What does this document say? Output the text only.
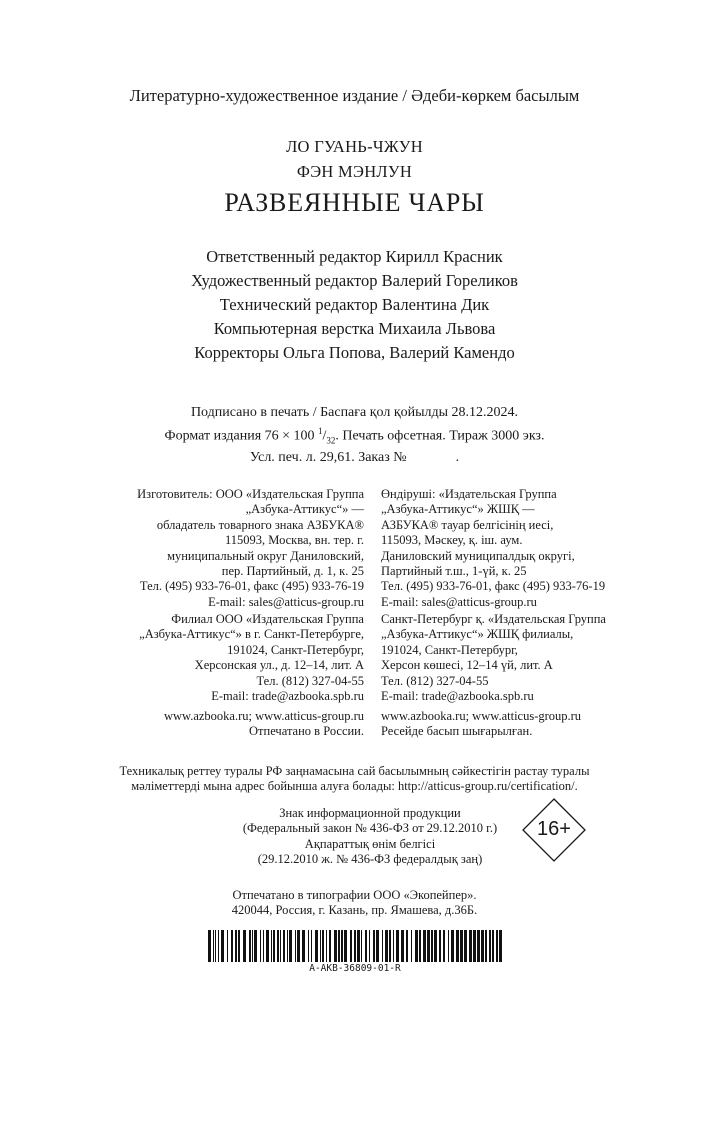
Литературно-художественное издание / Әдеби-көркем басылым
ЛО ГУАНЬ-ЧЖУН
ФЭН МЭНЛУН
РАЗВЕЯННЫЕ ЧАРЫ
Ответственный редактор Кирилл Красник
Художественный редактор Валерий Гореликов
Технический редактор Валентина Дик
Компьютерная верстка Михаила Львова
Корректоры Ольга Попова, Валерий Камендо
Подписано в печать / Баспаға қол қойылды 28.12.2024.
Формат издания 76 × 100 $^1/_{32}$. Печать офсетная. Тираж 3000 экз.
Усл. печ. л. 29,61. Заказ №              .
Изготовитель: ООО «Издательская Группа
„Азбука-Аттикус“» —
обладатель товарного знака АЗБУКА®
115093, Москва, вн. тер. г.
муниципальный округ Даниловский,
пер. Партийный, д. 1, к. 25
Тел. (495) 933-76-01, факс (495) 933-76-19
E-mail: sales@atticus-group.ru
Өндіруші: «Издательская Группа
„Азбука-Аттикус“» ЖШҚ —
АЗБУКА® тауар белгісінің иесі,
115093, Мәскеу, қ. іш. аум.
Даниловский муниципалдық округі,
Партийный т.ш., 1-үй, к. 25
Тел. (495) 933-76-01, факс (495) 933-76-19
E-mail: sales@atticus-group.ru
Филиал ООО «Издательская Группа
„Азбука-Аттикус“» в г. Санкт-Петербурге,
191024, Санкт-Петербург,
Херсонская ул., д. 12–14, лит. А
Тел. (812) 327-04-55
E-mail: trade@azbooka.spb.ru
Санкт-Петербург қ. «Издательская Группа
„Азбука-Аттикус“» ЖШҚ филиалы,
191024, Санкт-Петербург,
Херсон көшесі, 12–14 үй, лит. А
Тел. (812) 327-04-55
E-mail: trade@azbooka.spb.ru
www.azbooka.ru; www.atticus-group.ru
Отпечатано в России.
www.azbooka.ru; www.atticus-group.ru
Ресейде басып шығарылған.
Техникалық реттеу туралы РФ заңнамасына сай басылымның сәйкестігін растау туралы
мәліметтерді мына адрес бойынша алуға болады: http://atticus-group.ru/certification/.
Знак информационной продукции
(Федеральный закон № 436-ФЗ от 29.12.2010 г.)
Ақпараттық өнім белгісі
(29.12.2010 ж. № 436-ФЗ федералдық заң)
16+
Отпечатано в типографии ООО «Экопейпер».
420044, Россия, г. Казань, пр. Ямашева, д.36Б.
A-AKB-36809-01-R
